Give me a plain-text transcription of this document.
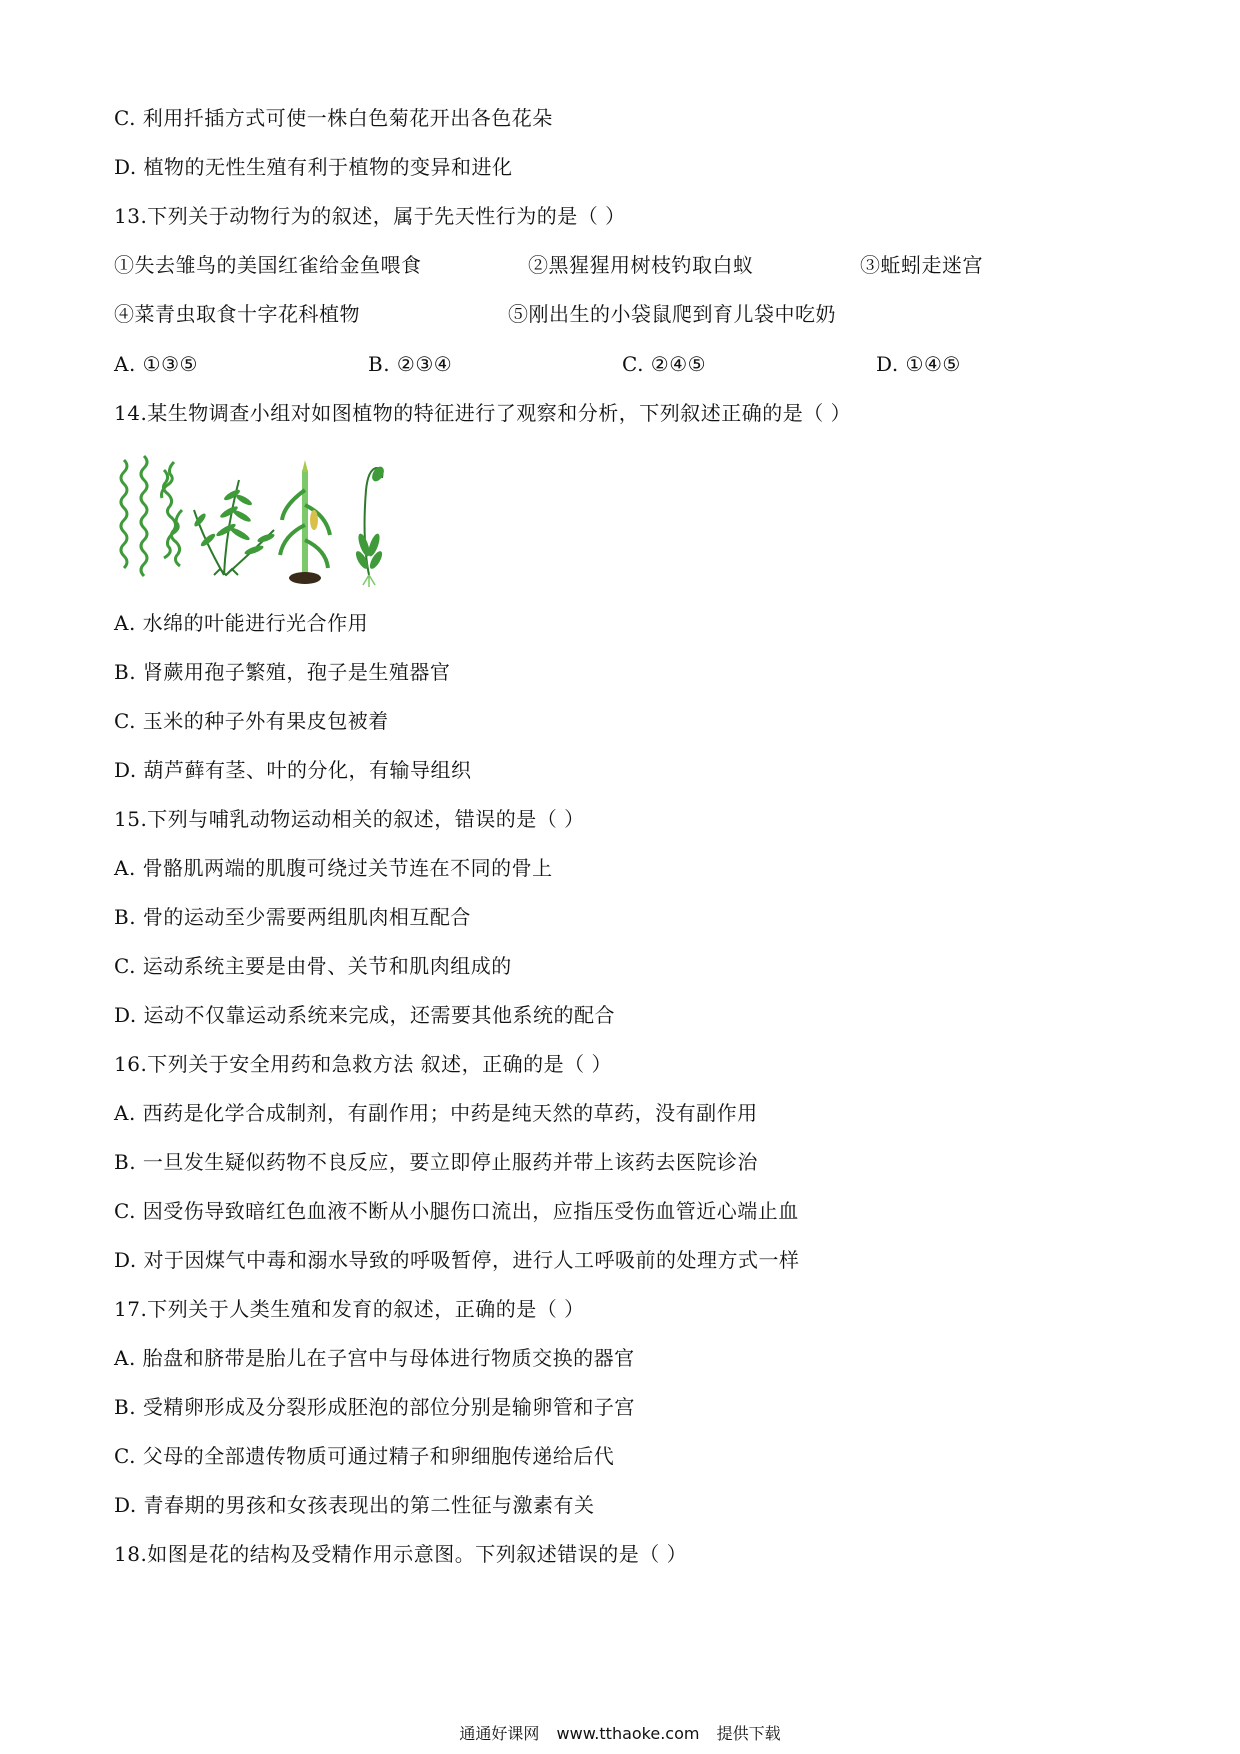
C. 利用扦插方式可使一株白色菊花开出各色花朵
D. 植物的无性生殖有利于植物的变异和进化
13.下列关于动物行为的叙述，属于先天性行为的是（ ）
①失去雏鸟的美国红雀给金鱼喂食	②黑猩猩用树枝钓取白蚁	③蚯蚓走迷宫
④菜青虫取食十字花科植物	⑤刚出生的小袋鼠爬到育儿袋中吃奶
A. ①③⑤	B. ②③④	C. ②④⑤	D. ①④⑤
14.某生物调查小组对如图植物的特征进行了观察和分析，下列叙述正确的是（ ）
A. 水绵的叶能进行光合作用
B. 肾蕨用孢子繁殖，孢子是生殖器官
C. 玉米的种子外有果皮包被着
D. 葫芦藓有茎、叶的分化，有输导组织
15.下列与哺乳动物运动相关的叙述，错误的是（ ）
A. 骨骼肌两端的肌腹可绕过关节连在不同的骨上
B. 骨的运动至少需要两组肌肉相互配合
C. 运动系统主要是由骨、关节和肌肉组成的
D. 运动不仅靠运动系统来完成，还需要其他系统的配合
16.下列关于安全用药和急救方法 叙述，正确的是（ ）
A. 西药是化学合成制剂，有副作用；中药是纯天然的草药，没有副作用
B. 一旦发生疑似药物不良反应，要立即停止服药并带上该药去医院诊治
C. 因受伤导致暗红色血液不断从小腿伤口流出，应指压受伤血管近心端止血
D. 对于因煤气中毒和溺水导致的呼吸暂停，进行人工呼吸前的处理方式一样
17.下列关于人类生殖和发育的叙述，正确的是（ ）
A. 胎盘和脐带是胎儿在子宫中与母体进行物质交换的器官
B. 受精卵形成及分裂形成胚泡的部位分别是输卵管和子宫
C. 父母的全部遗传物质可通过精子和卵细胞传递给后代
D. 青春期的男孩和女孩表现出的第二性征与激素有关
18.如图是花的结构及受精作用示意图。下列叙述错误的是（ ）
通通好课网 www.tthaoke.com 提供下载
